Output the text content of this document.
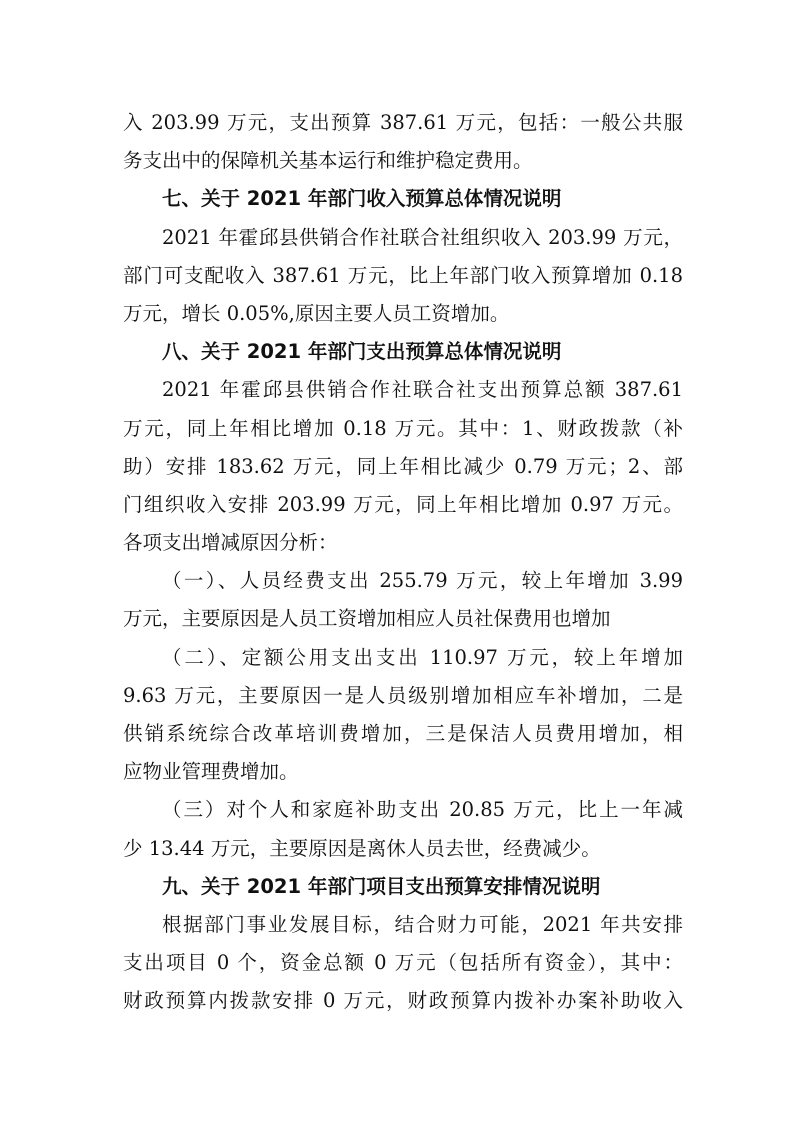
入 203.99 万元，支出预算 387.61 万元，包括：一般公共服
务支出中的保障机关基本运行和维护稳定费用。
七、关于 2021 年部门收入预算总体情况说明
2021 年霍邱县供销合作社联合社组织收入 203.99 万元，
部门可支配收入 387.61 万元，比上年部门收入预算增加 0.18
万元，增长 0.05%,原因主要人员工资增加。
八、关于 2021 年部门支出预算总体情况说明
2021 年霍邱县供销合作社联合社支出预算总额 387.61
万元，同上年相比增加 0.18 万元。其中：1、财政拨款（补
助）安排 183.62 万元，同上年相比减少 0.79 万元；2、部
门组织收入安排 203.99 万元，同上年相比增加 0.97 万元。
各项支出增减原因分析：
（一）、人员经费支出 255.79 万元，较上年增加 3.99
万元，主要原因是人员工资增加相应人员社保费用也增加
（二）、定额公用支出支出 110.97 万元，较上年增加
9.63 万元，主要原因一是人员级别增加相应车补增加，二是
供销系统综合改革培训费增加，三是保洁人员费用增加，相
应物业管理费增加。
（三）对个人和家庭补助支出 20.85 万元，比上一年减
少 13.44 万元，主要原因是离休人员去世，经费减少。
九、关于 2021 年部门项目支出预算安排情况说明
根据部门事业发展目标，结合财力可能，2021 年共安排
支出项目 0 个，资金总额 0 万元（包括所有资金），其中：
财政预算内拨款安排 0 万元，财政预算内拨补办案补助收入
